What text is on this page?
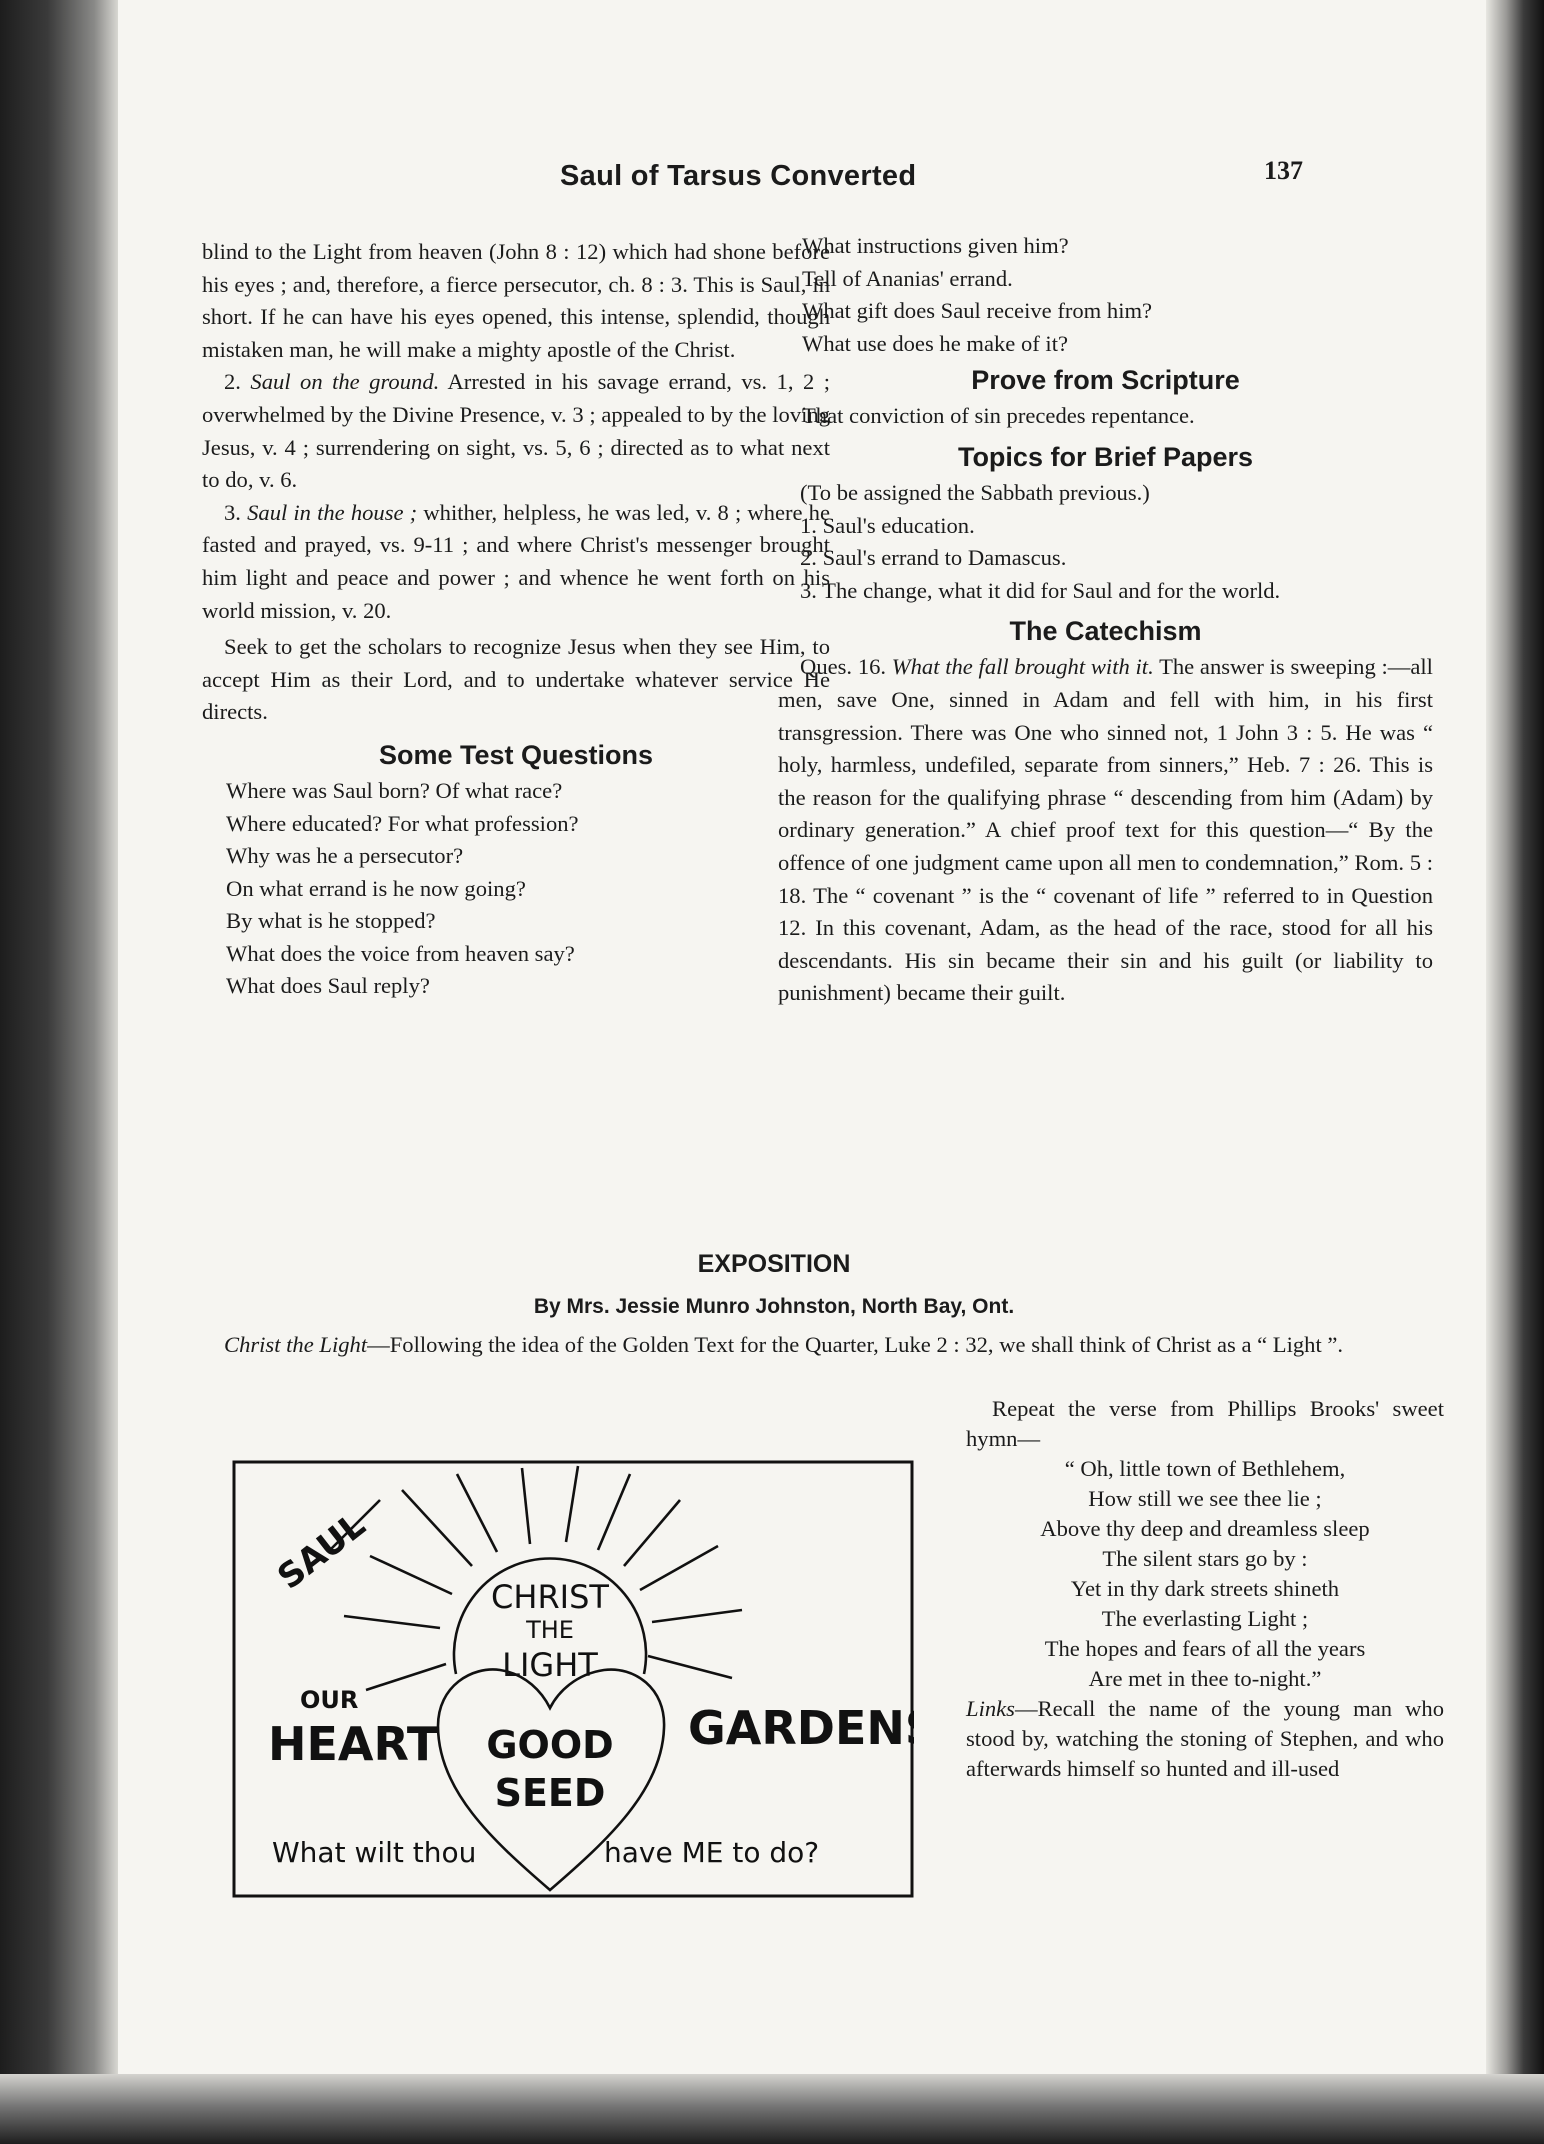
Saul of Tarsus Converted	137

blind to the Light from heaven (John 8 : 12) which had shone before his eyes ; and, therefore, a fierce persecutor, ch. 8 : 3. This is Saul, in short. If he can have his eyes opened, this intense, splendid, though mistaken man, he will make a mighty apostle of the Christ.

2. Saul on the ground. Arrested in his savage errand, vs. 1, 2 ; overwhelmed by the Divine Presence, v. 3 ; appealed to by the loving Jesus, v. 4 ; surrendering on sight, vs. 5, 6 ; directed as to what next to do, v. 6.

3. Saul in the house ; whither, helpless, he was led, v. 8 ; where he fasted and prayed, vs. 9-11 ; and where Christ's messenger brought him light and peace and power ; and whence he went forth on his world mission, v. 20.

Seek to get the scholars to recognize Jesus when they see Him, to accept Him as their Lord, and to undertake whatever service He directs.

Some Test Questions

Where was Saul born? Of what race?

Where educated? For what profession?

Why was he a persecutor?

On what errand is he now going?

By what is he stopped?

What does the voice from heaven say?

What does Saul reply?

What instructions given him?

Tell of Ananias' errand.

What gift does Saul receive from him?

What use does he make of it?

Prove from Scripture

That conviction of sin precedes repentance.

Topics for Brief Papers

(To be assigned the Sabbath previous.)

1. Saul's education.

2. Saul's errand to Damascus.

3. The change, what it did for Saul and for the world.

The Catechism

Ques. 16. What the fall brought with it. The answer is sweeping :—all men, save One, sinned in Adam and fell with him, in his first transgression. There was One who sinned not, 1 John 3 : 5. He was “ holy, harmless, undefiled, separate from sinners,” Heb. 7 : 26. This is the reason for the qualifying phrase “ descending from him (Adam) by ordinary generation.” A chief proof text for this question—“ By the offence of one judgment came upon all men to condemnation,” Rom. 5 : 18. The “ covenant ” is the “ covenant of life ” referred to in Question 12. In this covenant, Adam, as the head of the race, stood for all his descendants. His sin became their sin and his guilt (or liability to punishment) became their guilt.

EXPOSITION
By Mrs. Jessie Munro Johnston, North Bay, Ont.
Christ the Light—Following the idea of the Golden Text for the Quarter, Luke 2 : 32, we shall think of Christ as a “ Light ”.

Repeat the verse from Phillips Brooks' sweet hymn—

“ Oh, little town of Bethlehem,

How still we see thee lie ;

Above thy deep and dreamless sleep

The silent stars go by :

Yet in thy dark streets shineth

The everlasting Light ;

The hopes and fears of all the years

Are met in thee to-night.”

Links—Recall the name of the young man who stood by, watching the stoning of Stephen, and who afterwards himself so hunted and ill-used

SAUL	CHRIST
THE
LIGHT
OUR
HEART GOOD
SEED
GARDENS
What wilt thou	have ME to do?
